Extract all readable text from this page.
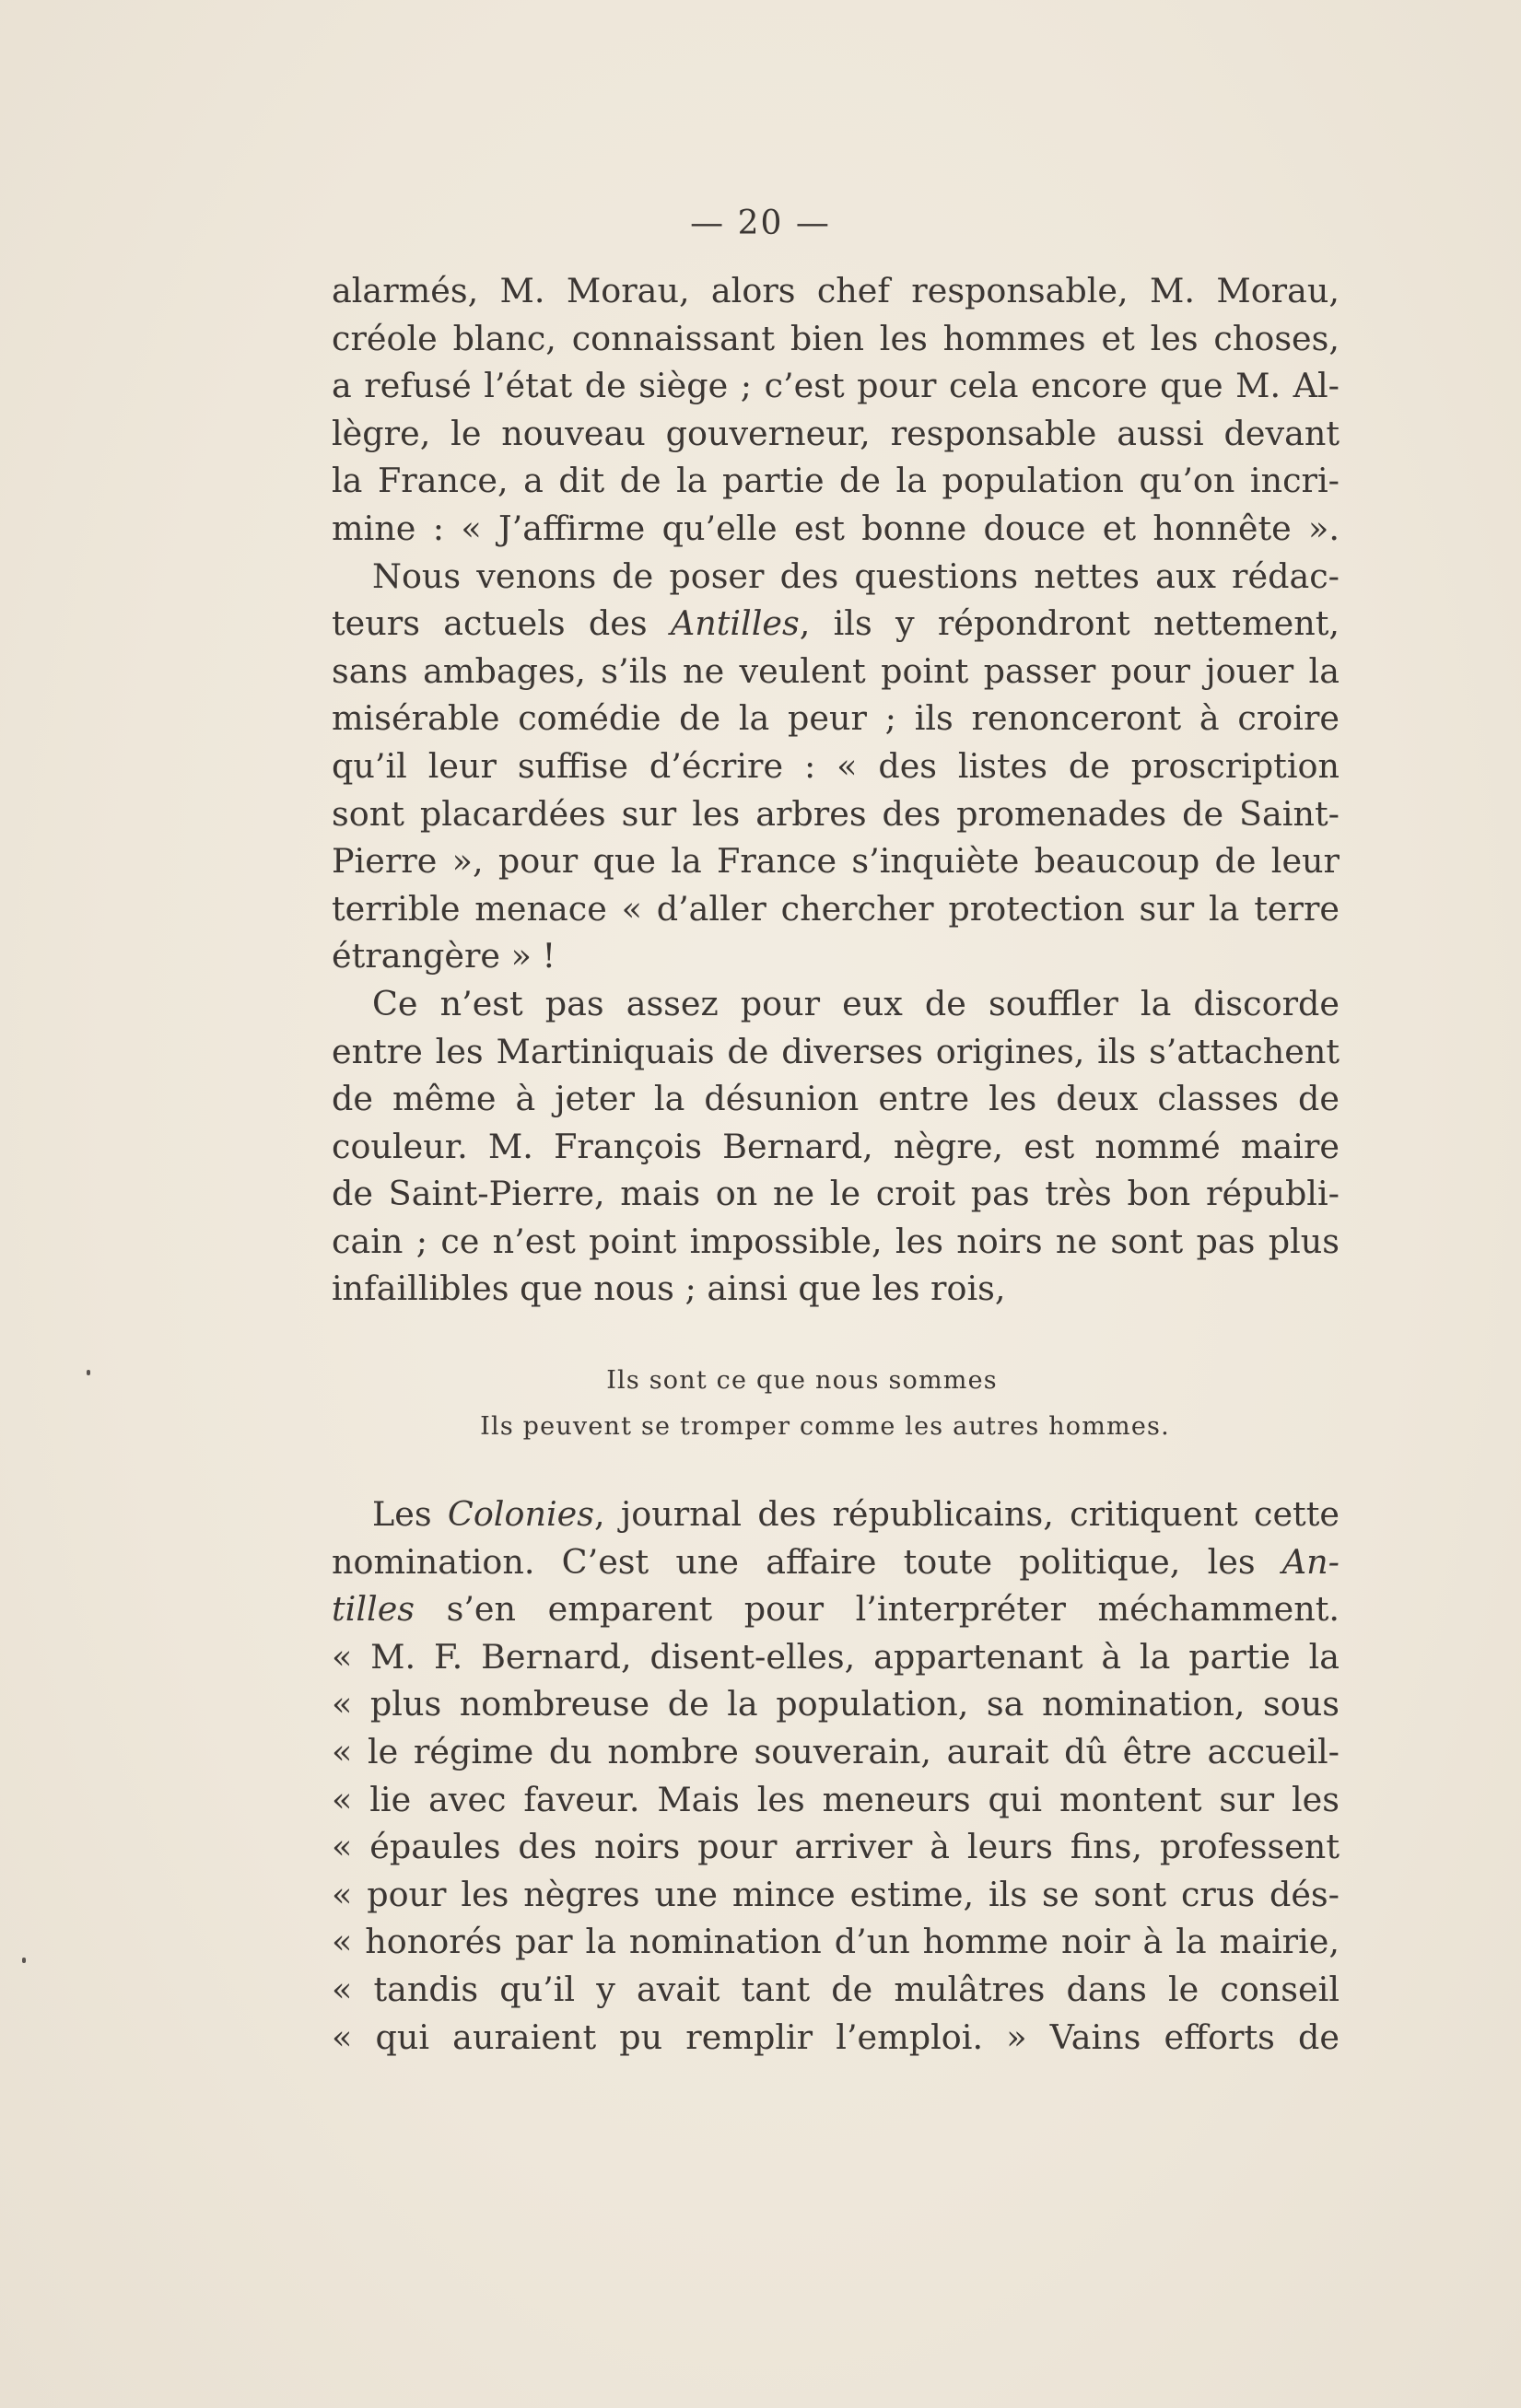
— 20 —
alarmés, M. Morau, alors chef responsable, M. Morau,
créole blanc, connaissant bien les hommes et les choses,
a refusé l’état de siège ; c’est pour cela encore que M. Al-
lègre, le nouveau gouverneur, responsable aussi devant
la France, a dit de la partie de la population qu’on incri-
mine : « J’affirme qu’elle est bonne douce et honnête ».
Nous venons de poser des questions nettes aux rédac-
teurs actuels des Antilles, ils y répondront nettement,
sans ambages, s’ils ne veulent point passer pour jouer la
misérable comédie de la peur ; ils renonceront à croire
qu’il leur suffise d’écrire : « des listes de proscription
sont placardées sur les arbres des promenades de Saint-
Pierre », pour que la France s’inquiète beaucoup de leur
terrible menace « d’aller chercher protection sur la terre
étrangère » !
Ce n’est pas assez pour eux de souffler la discorde
entre les Martiniquais de diverses origines, ils s’attachent
de même à jeter la désunion entre les deux classes de
couleur. M. François Bernard, nègre, est nommé maire
de Saint-Pierre, mais on ne le croit pas très bon républi-
cain ; ce n’est point impossible, les noirs ne sont pas plus
infaillibles que nous ; ainsi que les rois,
Ils sont ce que nous sommes
Ils peuvent se tromper comme les autres hommes.
Les Colonies, journal des républicains, critiquent cette
nomination. C’est une affaire toute politique, les An-
tilles s’en emparent pour l’interpréter méchamment.
« M. F. Bernard, disent-elles, appartenant à la partie la
« plus nombreuse de la population, sa nomination, sous
« le régime du nombre souverain, aurait dû être accueil-
« lie avec faveur. Mais les meneurs qui montent sur les
« épaules des noirs pour arriver à leurs fins, professent
« pour les nègres une mince estime, ils se sont crus dés-
« honorés par la nomination d’un homme noir à la mairie,
« tandis qu’il y avait tant de mulâtres dans le conseil
« qui auraient pu remplir l’emploi. » Vains efforts de
